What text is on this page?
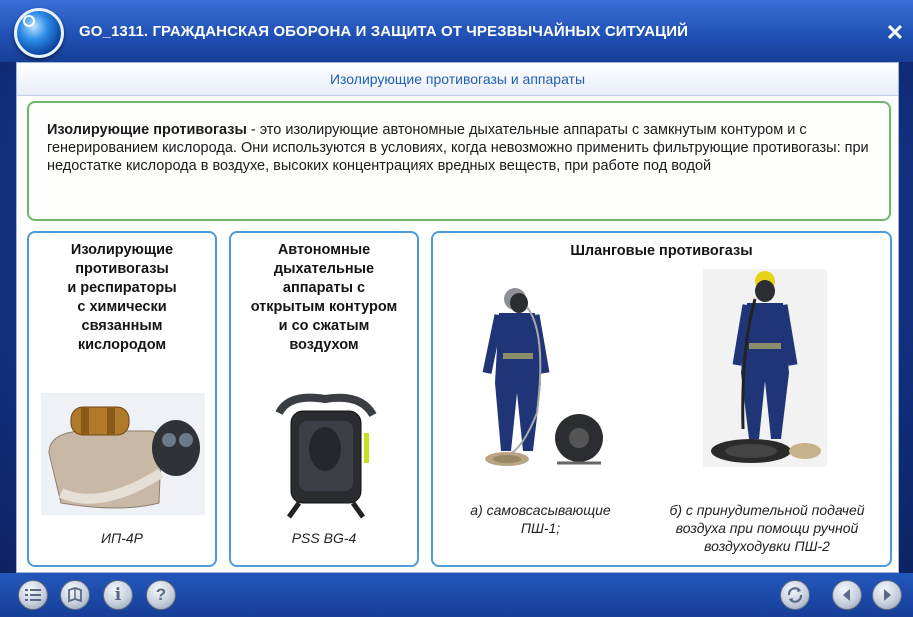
GO_1311. ГРАЖДАНСКАЯ ОБОРОНА И ЗАЩИТА ОТ ЧРЕЗВЫЧАЙНЫХ СИТУАЦИЙ	✕
Изолирующие противогазы и аппараты
Изолирующие противогазы - это изолирующие автономные дыхательные аппараты с замкнутым контуром и с генерированием кислорода. Они используются в условиях, когда невозможно применить фильтрующие противогазы: при недостатке кислорода в воздухе, высоких концентрациях вредных веществ, при работе под водой
Изолирующие
противогазы
и респираторы
с химически
связанным
кислородом
ИП-4Р
Автономные
дыхательные
аппараты с
открытым контуром
и со сжатым
воздухом
PSS BG-4
Шланговые противогазы
а) самовсасывающие
ПШ-1;
б) с принудительной подачей
воздуха при помощи ручной
воздуходувки ПШ-2
i	?
